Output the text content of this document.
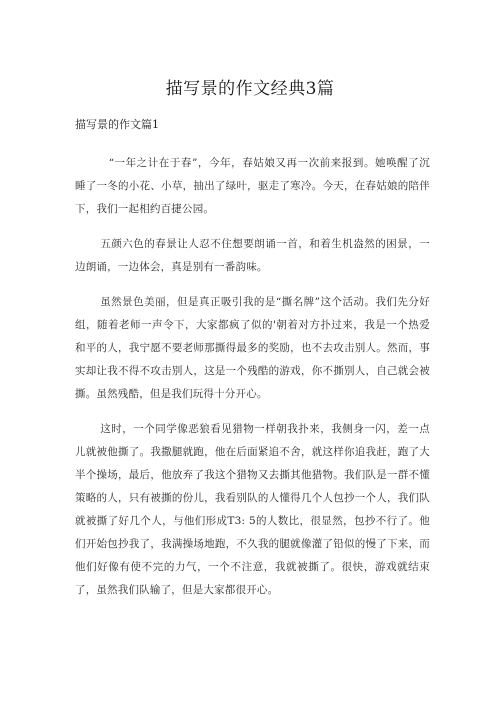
描写景的作文经典3篇
描写景的作文篇1

“一年之计在于春”，今年，春姑娘又再一次前来报到。她唤醒了沉睡了一冬的小花、小草，抽出了绿叶，驱走了寒冷。今天，在春姑娘的陪伴下，我们一起相约百捷公园。

五颜六色的春景让人忍不住想要朗诵一首，和着生机盎然的困景，一边朗诵，一边体会，真是别有一番韵味。

虽然景色美丽，但是真正吸引我的是“撕名牌”这个活动。我们先分好组，随着老师一声令下，大家都疯了似的'朝着对方扑过来，我是一个热爱和平的人，我宁愿不要老师那撕得最多的奖励，也不去攻击别人。然而，事实却让我不得不攻击别人，这是一个残酷的游戏，你不撕别人，自己就会被撕。虽然残酷，但是我们玩得十分开心。

这时，一个同学像恶狼看见猎物一样朝我扑来，我侧身一闪，差一点儿就被他撕了。我撒腿就跑，他在后面紧追不舍，就这样你追我赶，跑了大半个操场，最后，他放弃了我这个猎物又去撕其他猎物。我们队是一群不懂策略的人，只有被撕的份儿，我看别队的人懂得几个人包抄一个人，我们队就被撕了好几个人，与他们形成T3: 5的人数比，很显然，包抄不行了。他们开始包抄我了，我满操场地跑，不久我的腿就像灌了铅似的慢了下来，而他们好像有使不完的力气，一个不注意，我就被撕了。很快，游戏就结束了，虽然我们队输了，但是大家都很开心。
